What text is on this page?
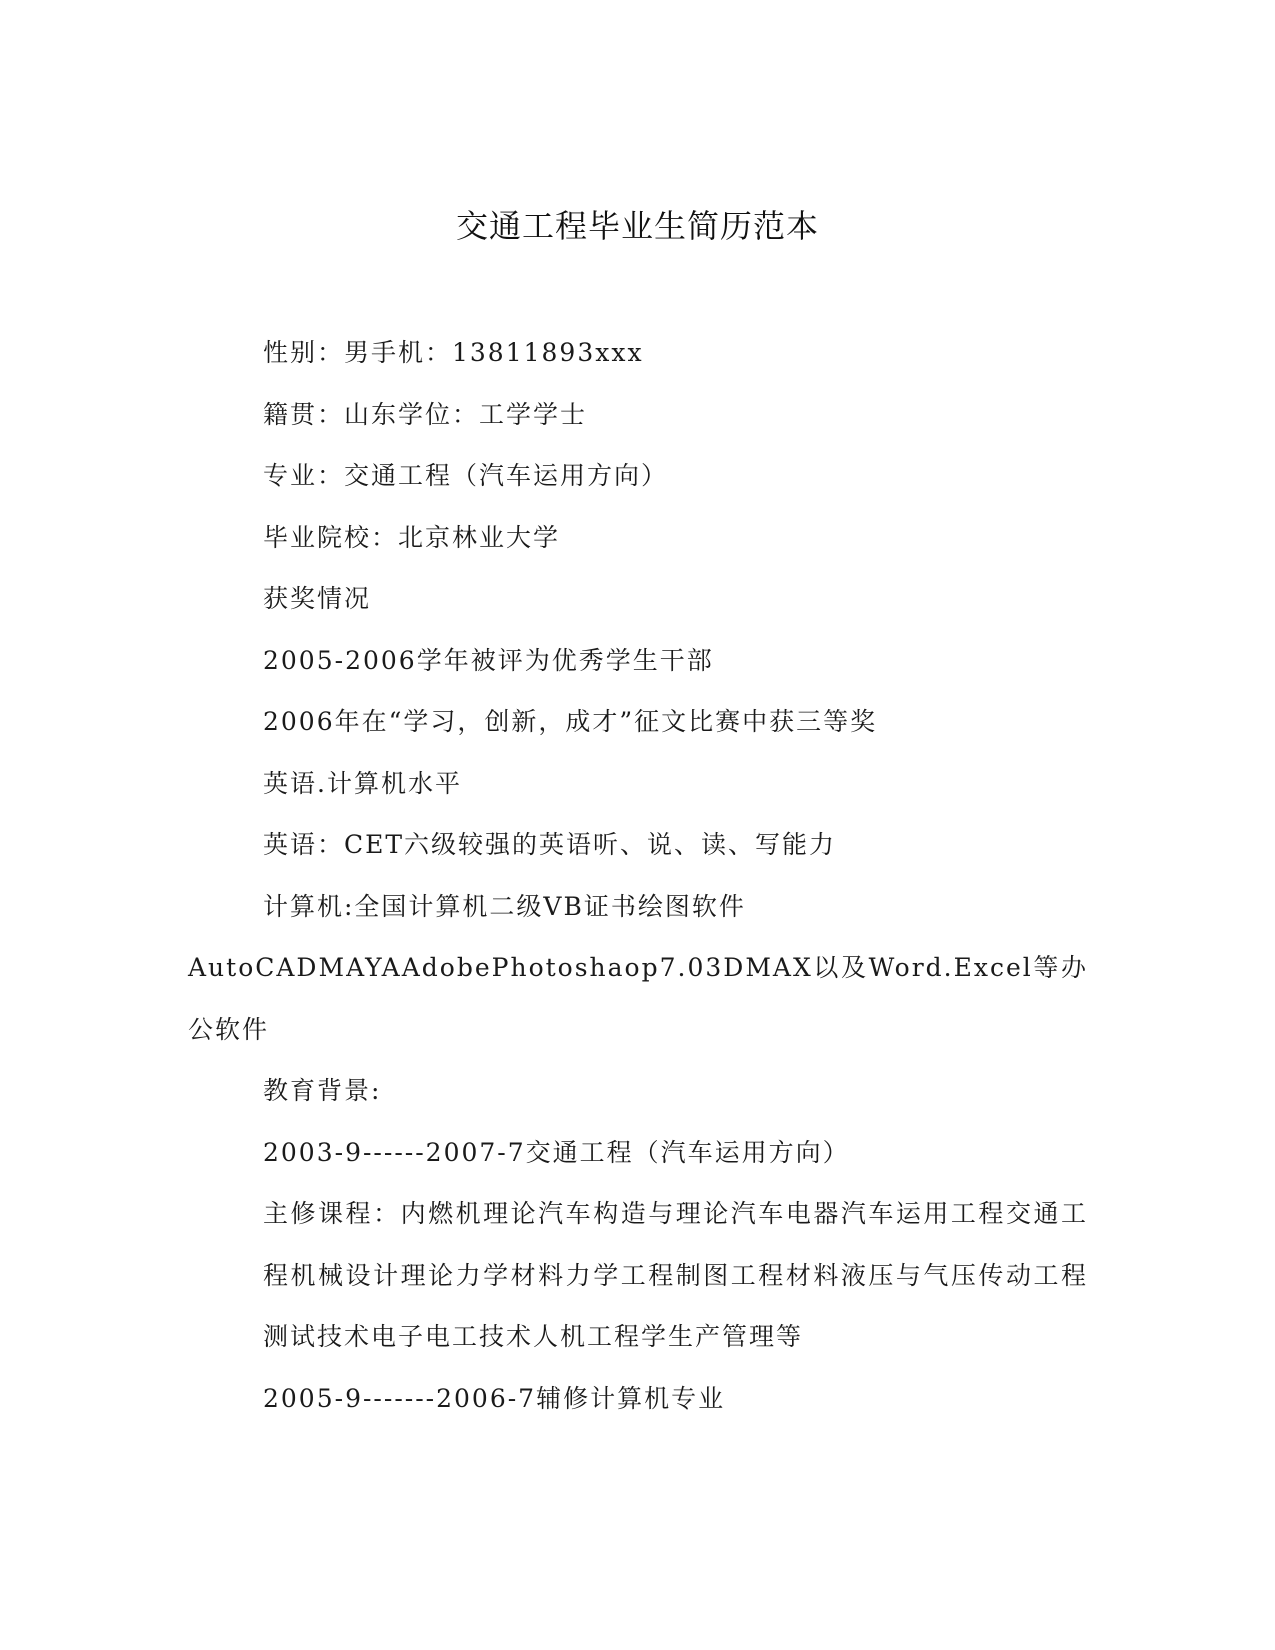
交通工程毕业生简历范本

性别：男手机：13811893xxx

籍贯：山东学位：工学学士

专业：交通工程（汽车运用方向）

毕业院校：北京林业大学

获奖情况

2005-2006学年被评为优秀学生干部

2006年在“学习，创新，成才”征文比赛中获三等奖

英语.计算机水平

英语：CET六级较强的英语听、说、读、写能力

计算机:全国计算机二级VB证书绘图软件

AutoCADMAYAAdobePhotoshaop7.03DMAX以及Word.Excel等办公软件

教育背景:

2003-9------2007-7交通工程（汽车运用方向）

主修课程：内燃机理论汽车构造与理论汽车电器汽车运用工程交通工程机械设计理论力学材料力学工程制图工程材料液压与气压传动工程测试技术电子电工技术人机工程学生产管理等

2005-9-------2006-7辅修计算机专业
